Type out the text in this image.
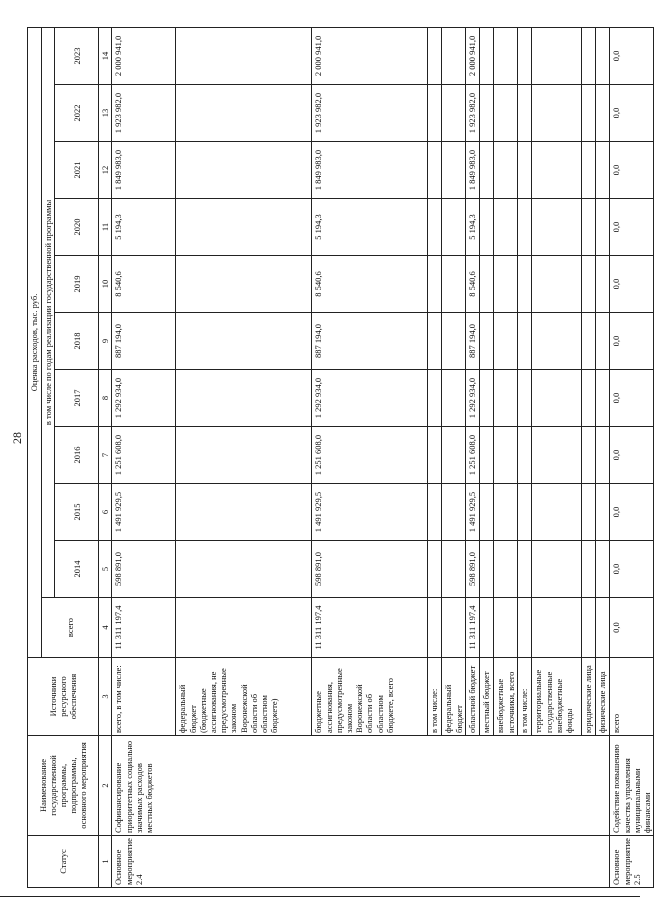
28
Статус	Наименование государственной программы, подпрограммы, основного мероприятия	Источники ресурсного обеспечения	Оценка расходов, тыс. руб.										
			всего	в том числе по годам реализации государственной программы									
				2014	2015	2016	2017	2018	2019	2020	2021	2022	2023
1	2	3	4	5	6	7	8	9	10	11	12	13	14
Основное мероприятие 2.4	Софинансирование приоритетных социально значимых расходов местных бюджетов	всего, в том числе:	11 311 197,4	598 891,0	1 491 929,5	1 251 608,0	1 292 934,0	887 194,0	8 540,6	5 194,3	1 849 983,0	1 923 982,0	2 000 941,0
		федеральный бюджет (бюджетные ассигнования, не предусмотренные законом Воронежской области об областном бюджете)											
		бюджетные ассигнования, предусмотренные законом Воронежской области об областном бюджете, всего	11 311 197,4	598 891,0	1 491 929,5	1 251 608,0	1 292 934,0	887 194,0	8 540,6	5 194,3	1 849 983,0	1 923 982,0	2 000 941,0
		в том числе:											
		федеральный бюджет											
		областной бюджет	11 311 197,4	598 891,0	1 491 929,5	1 251 608,0	1 292 934,0	887 194,0	8 540,6	5 194,3	1 849 983,0	1 923 982,0	2 000 941,0
		местный бюджет											
		внебюджетные источники, всего											
		в том числе:											
		территориальные государственные внебюджетные фонды											
		юридические лица											
		физические лица											
Основное мероприятие 2.5	Содействие повышению качества управления муниципальными финансами	всего	0,0	0,0	0,0	0,0	0,0	0,0	0,0	0,0	0,0	0,0	0,0
